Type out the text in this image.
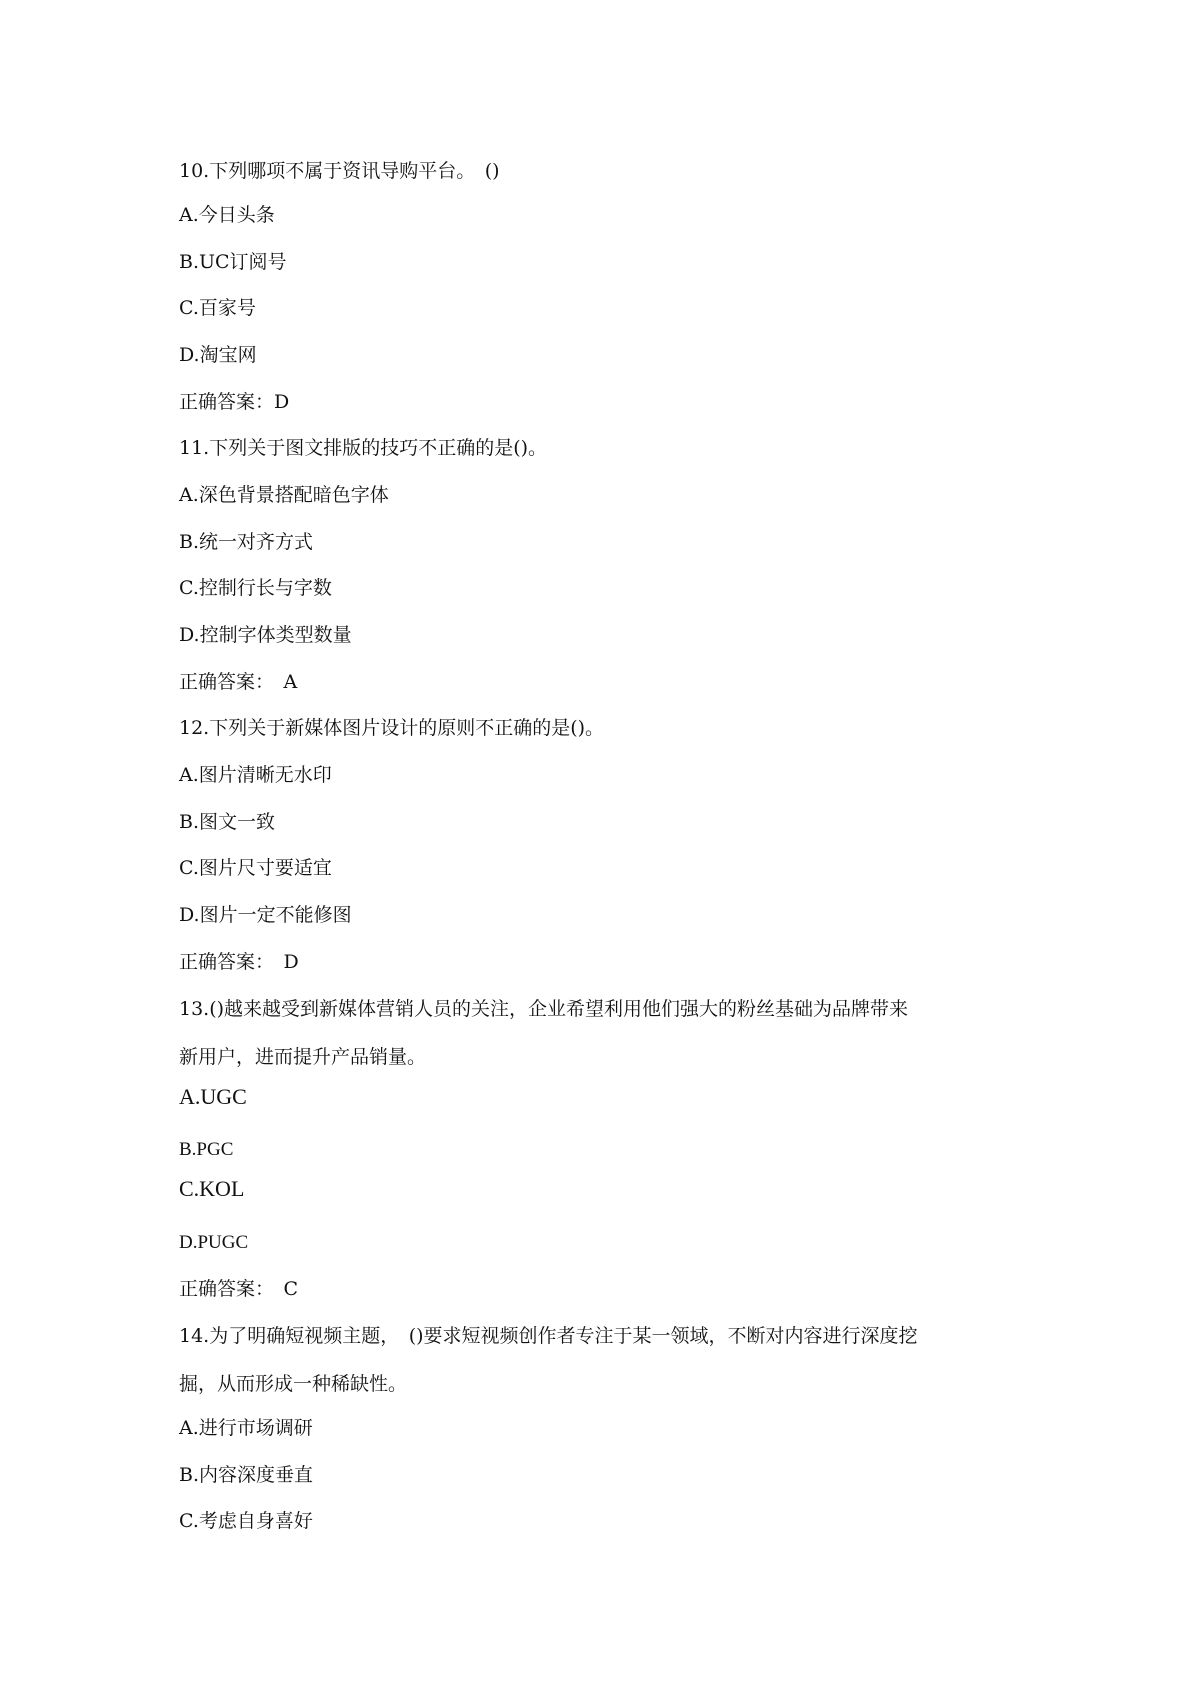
10.下列哪项不属于资讯导购平台。　()

A.今日头条

B.UC订阅号

C.百家号

D.淘宝网

正确答案：D

11.下列关于图文排版的技巧不正确的是()。

A.深色背景搭配暗色字体

B.统一对齐方式

C.控制行长与字数

D.控制字体类型数量

正确答案：　A

12.下列关于新媒体图片设计的原则不正确的是()。

A.图片清晰无水印

B.图文一致

C.图片尺寸要适宜

D.图片一定不能修图

正确答案：　D

13.()越来越受到新媒体营销人员的关注，企业希望利用他们强大的粉丝基础为品牌带来

新用户，进而提升产品销量。

A.UGC

B.PGC

C.KOL

D.PUGC

正确答案：　C

14.为了明确短视频主题，　()要求短视频创作者专注于某一领域，不断对内容进行深度挖

掘，从而形成一种稀缺性。

A.进行市场调研

B.内容深度垂直

C.考虑自身喜好
